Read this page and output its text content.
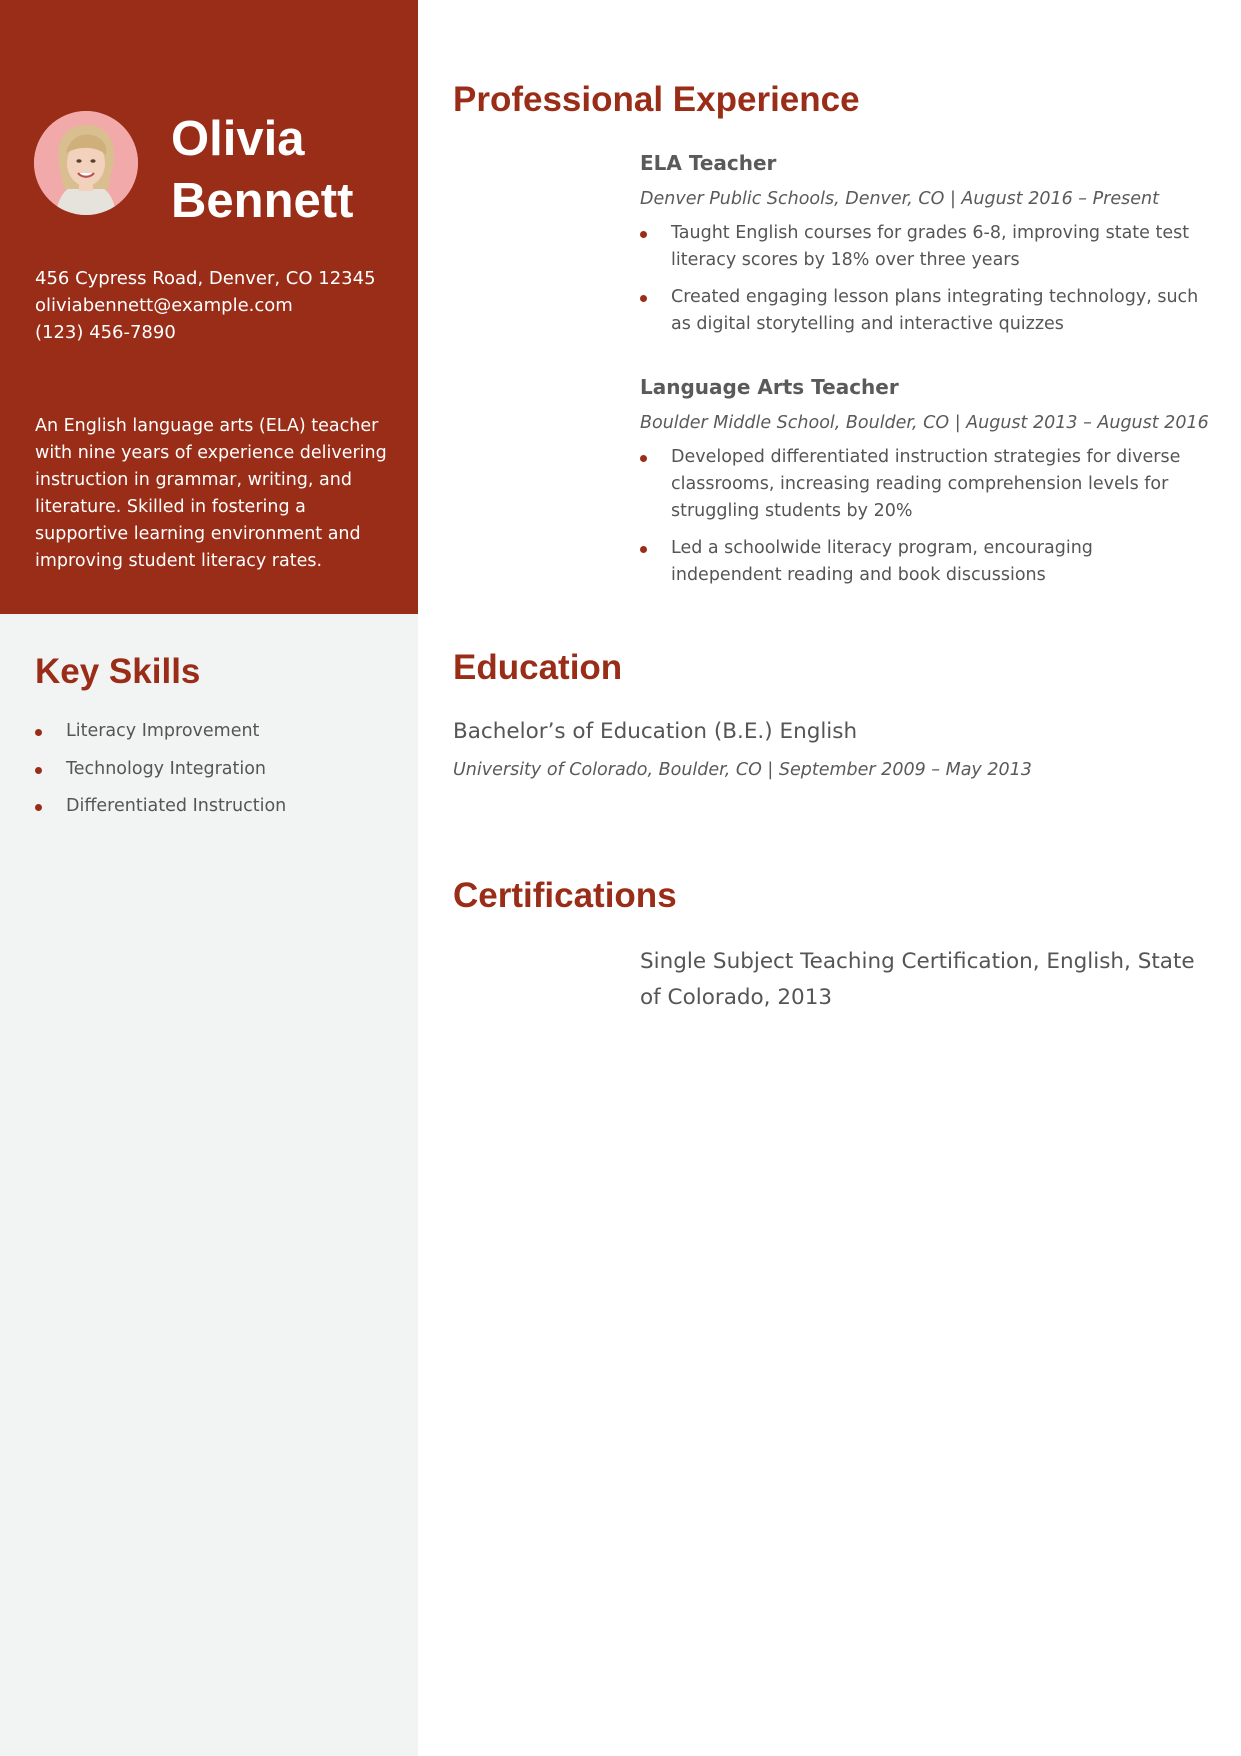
Olivia
Bennett
456 Cypress Road, Denver, CO 12345
oliviabennett@example.com
(123) 456-7890
An English language arts (ELA) teacher with nine years of experience delivering instruction in grammar, writing, and literature. Skilled in fostering a supportive learning environment and improving student literacy rates.
Key Skills
Literacy Improvement
Technology Integration
Differentiated Instruction
Professional Experience
ELA Teacher

Denver Public Schools, Denver, CO | August 2016 – Present

Taught English courses for grades 6-8, improving state test literacy scores by 18% over three years
Created engaging lesson plans integrating technology, such as digital storytelling and interactive quizzes
Language Arts Teacher

Boulder Middle School, Boulder, CO | August 2013 – August 2016

Developed differentiated instruction strategies for diverse classrooms, increasing reading comprehension levels for struggling students by 20%
Led a schoolwide literacy program, encouraging independent reading and book discussions
Education
Bachelor’s of Education (B.E.) English
University of Colorado, Boulder, CO | September 2009 – May 2013
Certifications
Single Subject Teaching Certification, English, State of Colorado, 2013
